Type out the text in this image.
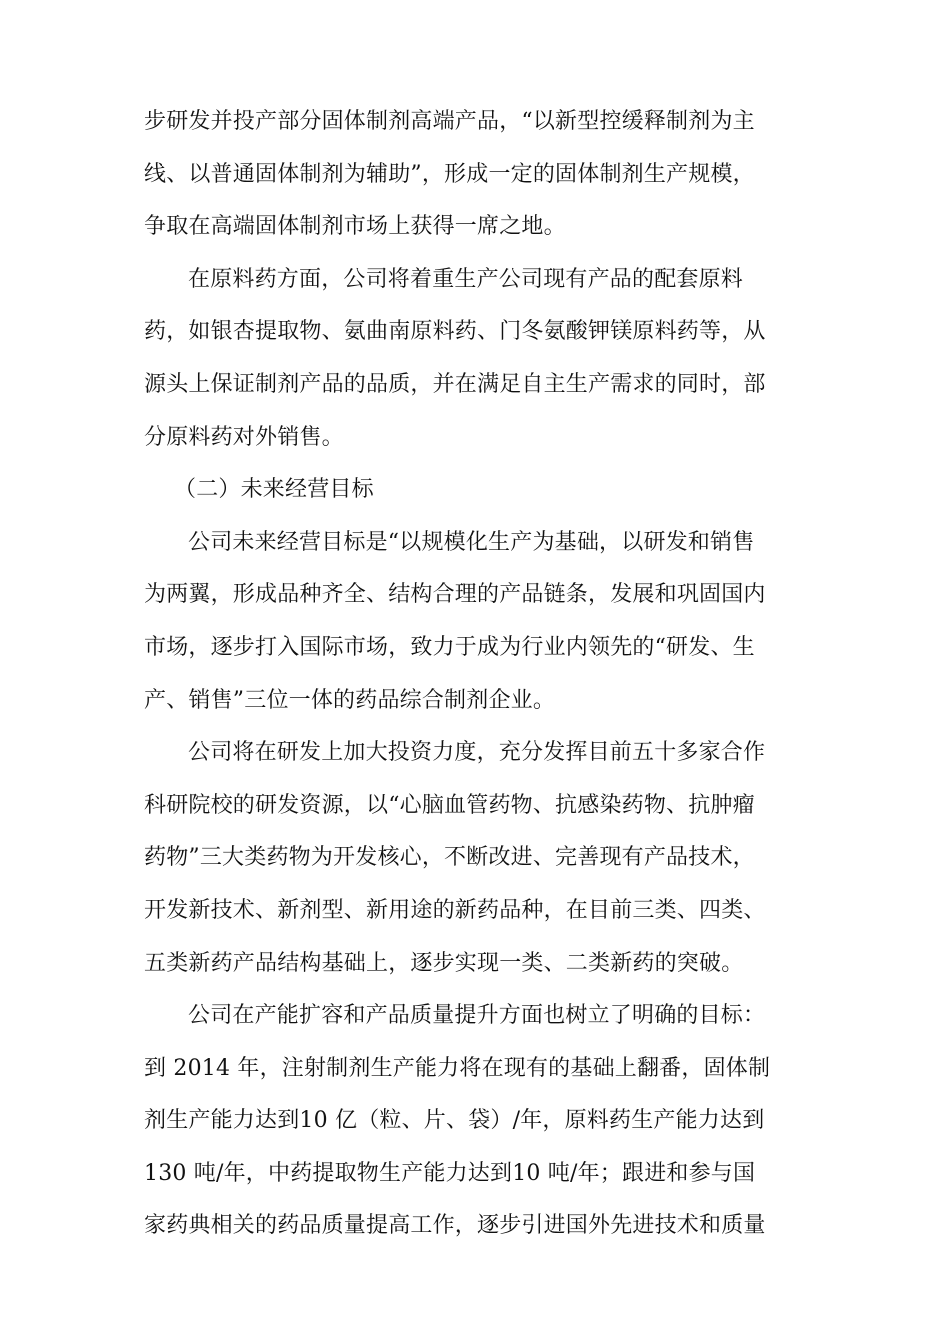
步研发并投产部分固体制剂高端产品，“以新型控缓释制剂为主
线、以普通固体制剂为辅助”，形成一定的固体制剂生产规模，
争取在高端固体制剂市场上获得一席之地。
在原料药方面，公司将着重生产公司现有产品的配套原料
药，如银杏提取物、氨曲南原料药、门冬氨酸钾镁原料药等，从
源头上保证制剂产品的品质，并在满足自主生产需求的同时，部
分原料药对外销售。
（二）未来经营目标
公司未来经营目标是“以规模化生产为基础，以研发和销售
为两翼，形成品种齐全、结构合理的产品链条，发展和巩固国内
市场，逐步打入国际市场，致力于成为行业内领先的“研发、生
产、销售”三位一体的药品综合制剂企业。
公司将在研发上加大投资力度，充分发挥目前五十多家合作
科研院校的研发资源，以“心脑血管药物、抗感染药物、抗肿瘤
药物”三大类药物为开发核心，不断改进、完善现有产品技术，
开发新技术、新剂型、新用途的新药品种，在目前三类、四类、
五类新药产品结构基础上，逐步实现一类、二类新药的突破。
公司在产能扩容和产品质量提升方面也树立了明确的目标：
到 2014 年，注射制剂生产能力将在现有的基础上翻番，固体制
剂生产能力达到10 亿（粒、片、袋）/年，原料药生产能力达到
130 吨/年，中药提取物生产能力达到10 吨/年；跟进和参与国
家药典相关的药品质量提高工作，逐步引进国外先进技术和质量
